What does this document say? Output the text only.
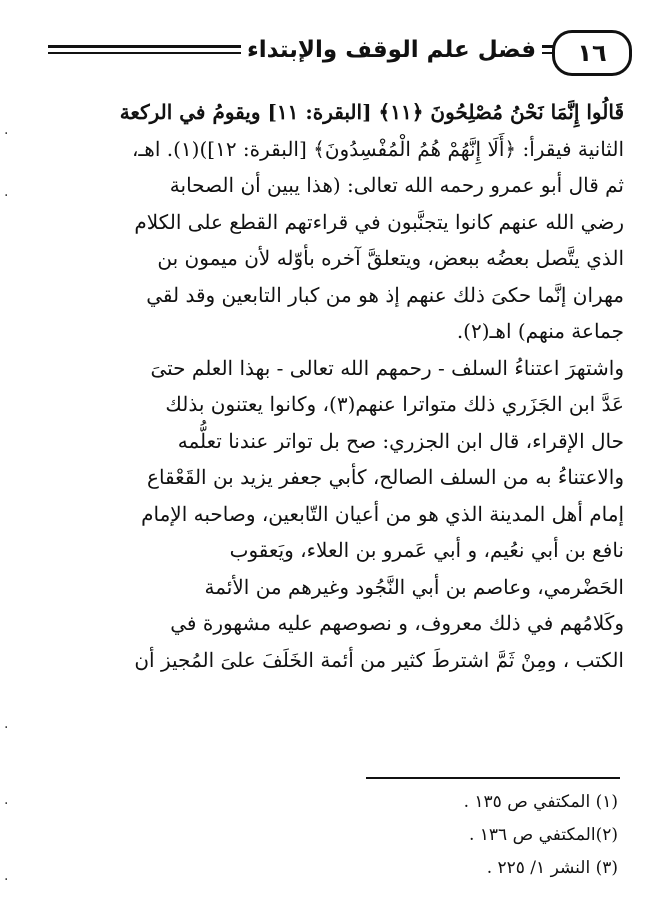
فضل علم الوقف والإبتداء	١٦

قَالُوا إِنَّمَا نَحْنُ مُصْلِحُونَ ﴿١١﴾ [البقرة: ١١] ويقومُ في الركعة

الثانية فيقرأ: ﴿أَلَا إِنَّهُمْ هُمُ الْمُفْسِدُونَ﴾ [البقرة: ١٢])(١). اهـ،

ثم قال أبو عمرو رحمه الله تعالى: (هذا يبين أن الصحابة

رضي الله عنهم كانوا يتجنَّبون في قراءتهم القطع على الكلام

الذي يتَّصل بعضُه ببعض، ويتعلقَّ آخره بأوّله لأن ميمون بن

مهران إنَّما حكىَ ذلك عنهم إذ هو من كبار التابعين وقد لقي

جماعة منهم) اهـ(٢).

واشتهرَ اعتناءُ السلف - رحمهم الله تعالى - بهذا العلم حتىَ

عَدَّ ابن الجَزَري ذلك متواترا عنهم(٣)، وكانوا يعتنون بذلك

حال الإقراء، قال ابن الجزري: صح بل تواتر عندنا تعلُّمه

والاعتناءُ به من السلف الصالح، كأبي جعفر يزيد بن القَعْقاع

إمام أهل المدينة الذي هو من أعيان التّابعين، وصاحبه الإمام

نافع بن أبي نعُيم، و أبي عَمرو بن العلاء، ويَعقوب

الحَضْرمي، وعاصم بن أبي النَّجُود وغيرهم من الأئمة

وكَلامُهم في ذلك معروف، و نصوصهم عليه مشهورة في

الكتب ، ومِنْ ثَمَّ اشترطَ كثير من أئمة الخَلَفَ علىَ المُجيز أن

(١) المكتفي ص ١٣٥ .
(٢)المكتفي ص ١٣٦ .
(٣) النشر ١/ ٢٢٥ .
.
.
.
.
.
